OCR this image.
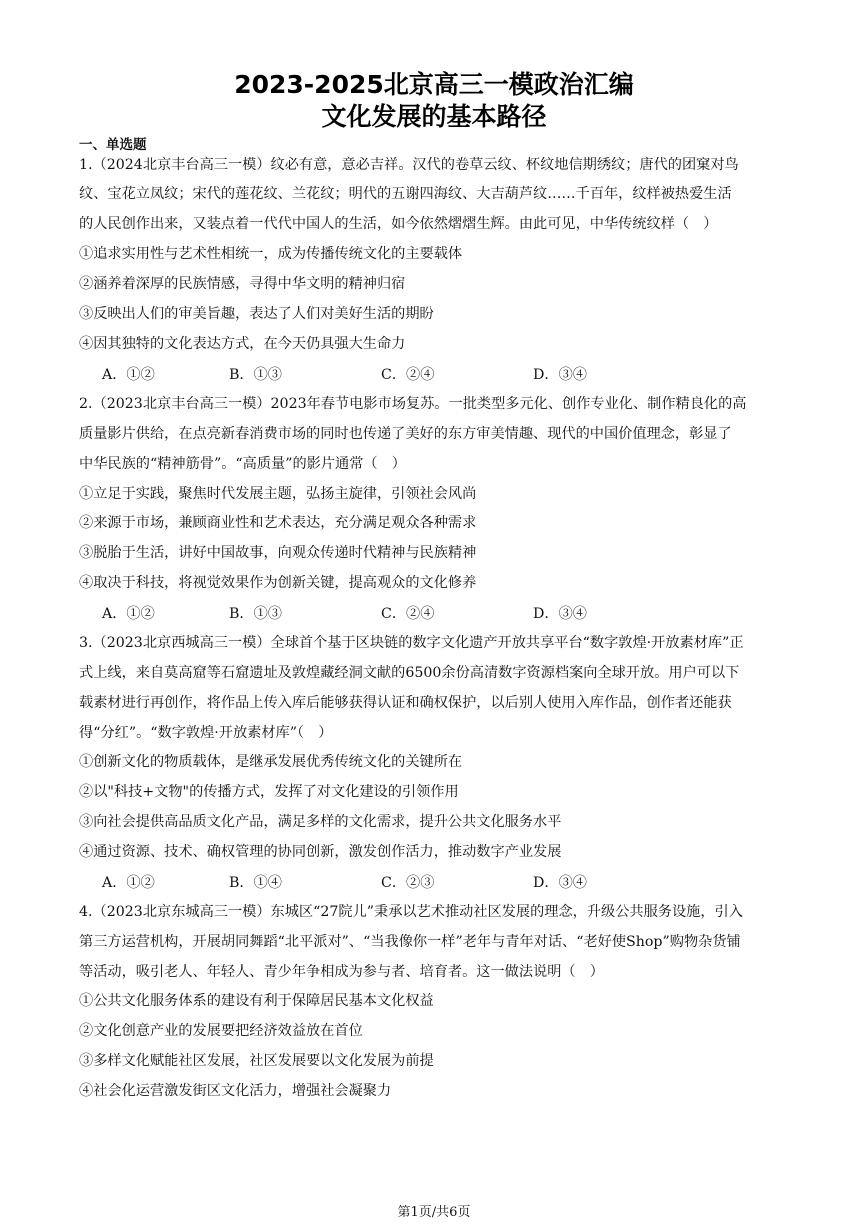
2023-2025北京高三一模政治汇编
文化发展的基本路径
一、单选题
1.（2024北京丰台高三一模）纹必有意，意必吉祥。汉代的卷草云纹、杯纹地信期绣纹；唐代的团窠对鸟
纹、宝花立凤纹；宋代的莲花纹、兰花纹；明代的五谢四海纹、大吉葫芦纹……千百年，纹样被热爱生活
的人民创作出来，又装点着一代代中国人的生活，如今依然熠熠生辉。由此可见，中华传统纹样（　）
①追求实用性与艺术性相统一，成为传播传统文化的主要载体
②涵养着深厚的民族情感，寻得中华文明的精神归宿
③反映出人们的审美旨趣，表达了人们对美好生活的期盼
④因其独特的文化表达方式，在今天仍具强大生命力
A．①②	B．①③	C．②④	D．③④
2.（2023北京丰台高三一模）2023年春节电影市场复苏。一批类型多元化、创作专业化、制作精良化的高
质量影片供给，在点亮新春消费市场的同时也传递了美好的东方审美情趣、现代的中国价值理念，彰显了
中华民族的“精神筋骨”。“高质量”的影片通常（　）
①立足于实践，聚焦时代发展主题，弘扬主旋律，引领社会风尚
②来源于市场，兼顾商业性和艺术表达，充分满足观众各种需求
③脱胎于生活，讲好中国故事，向观众传递时代精神与民族精神
④取决于科技，将视觉效果作为创新关键，提高观众的文化修养
A．①②	B．①③	C．②④	D．③④
3.（2023北京西城高三一模）全球首个基于区块链的数字文化遗产开放共享平台“数字敦煌·开放素材库”正
式上线，来自莫高窟等石窟遗址及敦煌藏经洞文献的6500余份高清数字资源档案向全球开放。用户可以下
载素材进行再创作，将作品上传入库后能够获得认证和确权保护，以后别人使用入库作品，创作者还能获
得“分红”。“数字敦煌·开放素材库”（　）
①创新文化的物质载体，是继承发展优秀传统文化的关键所在
②以"科技+文物"的传播方式，发挥了对文化建设的引领作用
③向社会提供高品质文化产品，满足多样的文化需求，提升公共文化服务水平
④通过资源、技术、确权管理的协同创新，激发创作活力，推动数字产业发展
A．①②	B．①④	C．②③	D．③④
4.（2023北京东城高三一模）东城区“27院儿”秉承以艺术推动社区发展的理念，升级公共服务设施，引入
第三方运营机构，开展胡同舞蹈“北平派对”、“当我像你一样”老年与青年对话、“老好使Shop”购物杂货铺
等活动，吸引老人、年轻人、青少年争相成为参与者、培育者。这一做法说明（　）
①公共文化服务体系的建设有利于保障居民基本文化权益
②文化创意产业的发展要把经济效益放在首位
③多样文化赋能社区发展，社区发展要以文化发展为前提
④社会化运营激发街区文化活力，增强社会凝聚力
第1页/共6页
